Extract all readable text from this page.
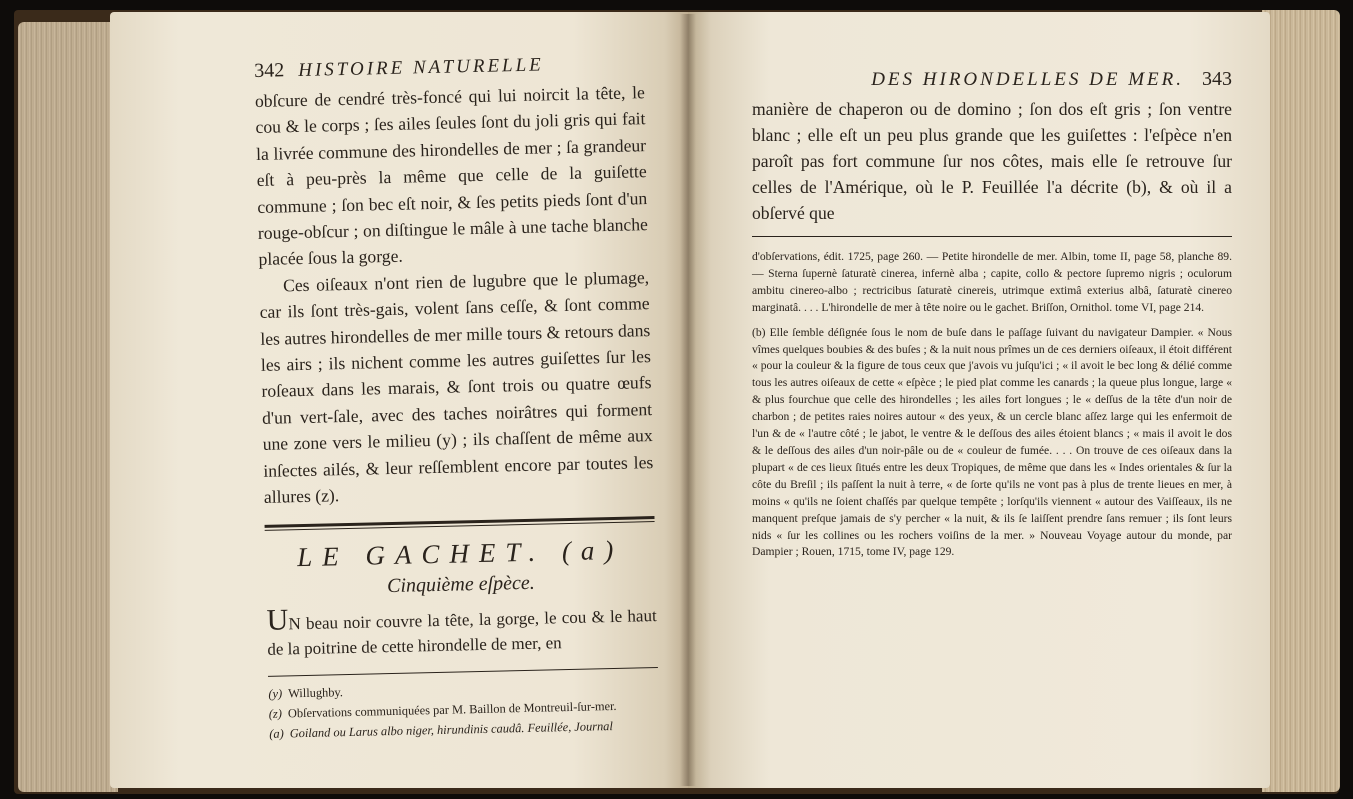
342 HISTOIRE NATURELLE

obſcure de cendré très-foncé qui lui noircit la tête, le cou & le corps ; ſes ailes ſeules ſont du joli gris qui fait la livrée commune des hirondelles de mer ; ſa grandeur eſt à peu-près la même que celle de la guiſette commune ; ſon bec eſt noir, & ſes petits pieds ſont d'un rouge-obſcur ; on diſtingue le mâle à une tache blanche placée ſous la gorge.

Ces oiſeaux n'ont rien de lugubre que le plumage, car ils ſont très-gais, volent ſans ceſſe, & ſont comme les autres hirondelles de mer mille tours & retours dans les airs ; ils nichent comme les autres guiſettes ſur les roſeaux dans les marais, & ſont trois ou quatre œufs d'un vert-ſale, avec des taches noirâtres qui forment une zone vers le milieu (y) ; ils chaſſent de même aux inſectes ailés, & leur reſſemblent encore par toutes les allures (z).

LE GACHET. (a)
Cinquième eſpèce.

UN beau noir couvre la tête, la gorge, le cou & le haut de la poitrine de cette hirondelle de mer, en

(y) Willughby.

(z) Obſervations communiquées par M. Baillon de Montreuil-ſur-mer.

(a) Goiland ou Larus albo niger, hirundinis caudâ. Feuillée, Journal

DES HIRONDELLES DE MER. 343

manière de chaperon ou de domino ; ſon dos eſt gris ; ſon ventre blanc ; elle eſt un peu plus grande que les guiſettes : l'eſpèce n'en paroît pas fort commune ſur nos côtes, mais elle ſe retrouve ſur celles de l'Amérique, où le P. Feuillée l'a décrite (b), & où il a obſervé que

d'obſervations, édit. 1725, page 260. — Petite hirondelle de mer. Albin, tome II, page 58, planche 89. — Sterna ſupernè ſaturatè cinerea, infernè alba ; capite, collo & pectore ſupremo nigris ; oculorum ambitu cinereo-albo ; rectricibus ſaturatè cinereis, utrimque extimâ exterius albâ, ſaturatè cinereo marginatâ. . . . L'hirondelle de mer à tête noire ou le gachet. Briſſon, Ornithol. tome VI, page 214.

(b) Elle ſemble déſignée ſous le nom de buſe dans le paſſage ſuivant du navigateur Dampier. « Nous vîmes quelques boubies & des buſes ; & la nuit nous prîmes un de ces derniers oiſeaux, il étoit différent « pour la couleur & la figure de tous ceux que j'avois vu juſqu'ici ; « il avoit le bec long & délié comme tous les autres oiſeaux de cette « eſpèce ; le pied plat comme les canards ; la queue plus longue, large « & plus fourchue que celle des hirondelles ; les ailes fort longues ; le « deſſus de la tête d'un noir de charbon ; de petites raies noires autour « des yeux, & un cercle blanc aſſez large qui les enfermoit de l'un & de « l'autre côté ; le jabot, le ventre & le deſſous des ailes étoient blancs ; « mais il avoit le dos & le deſſous des ailes d'un noir-pâle ou de « couleur de fumée. . . . On trouve de ces oiſeaux dans la plupart « de ces lieux ſitués entre les deux Tropiques, de même que dans les « Indes orientales & ſur la côte du Breſil ; ils paſſent la nuit à terre, « de ſorte qu'ils ne vont pas à plus de trente lieues en mer, à moins « qu'ils ne ſoient chaſſés par quelque tempête ; lorſqu'ils viennent « autour des Vaiſſeaux, ils ne manquent preſque jamais de s'y percher « la nuit, & ils ſe laiſſent prendre ſans remuer ; ils ſont leurs nids « ſur les collines ou les rochers voiſins de la mer. » Nouveau Voyage autour du monde, par Dampier ; Rouen, 1715, tome IV, page 129.
